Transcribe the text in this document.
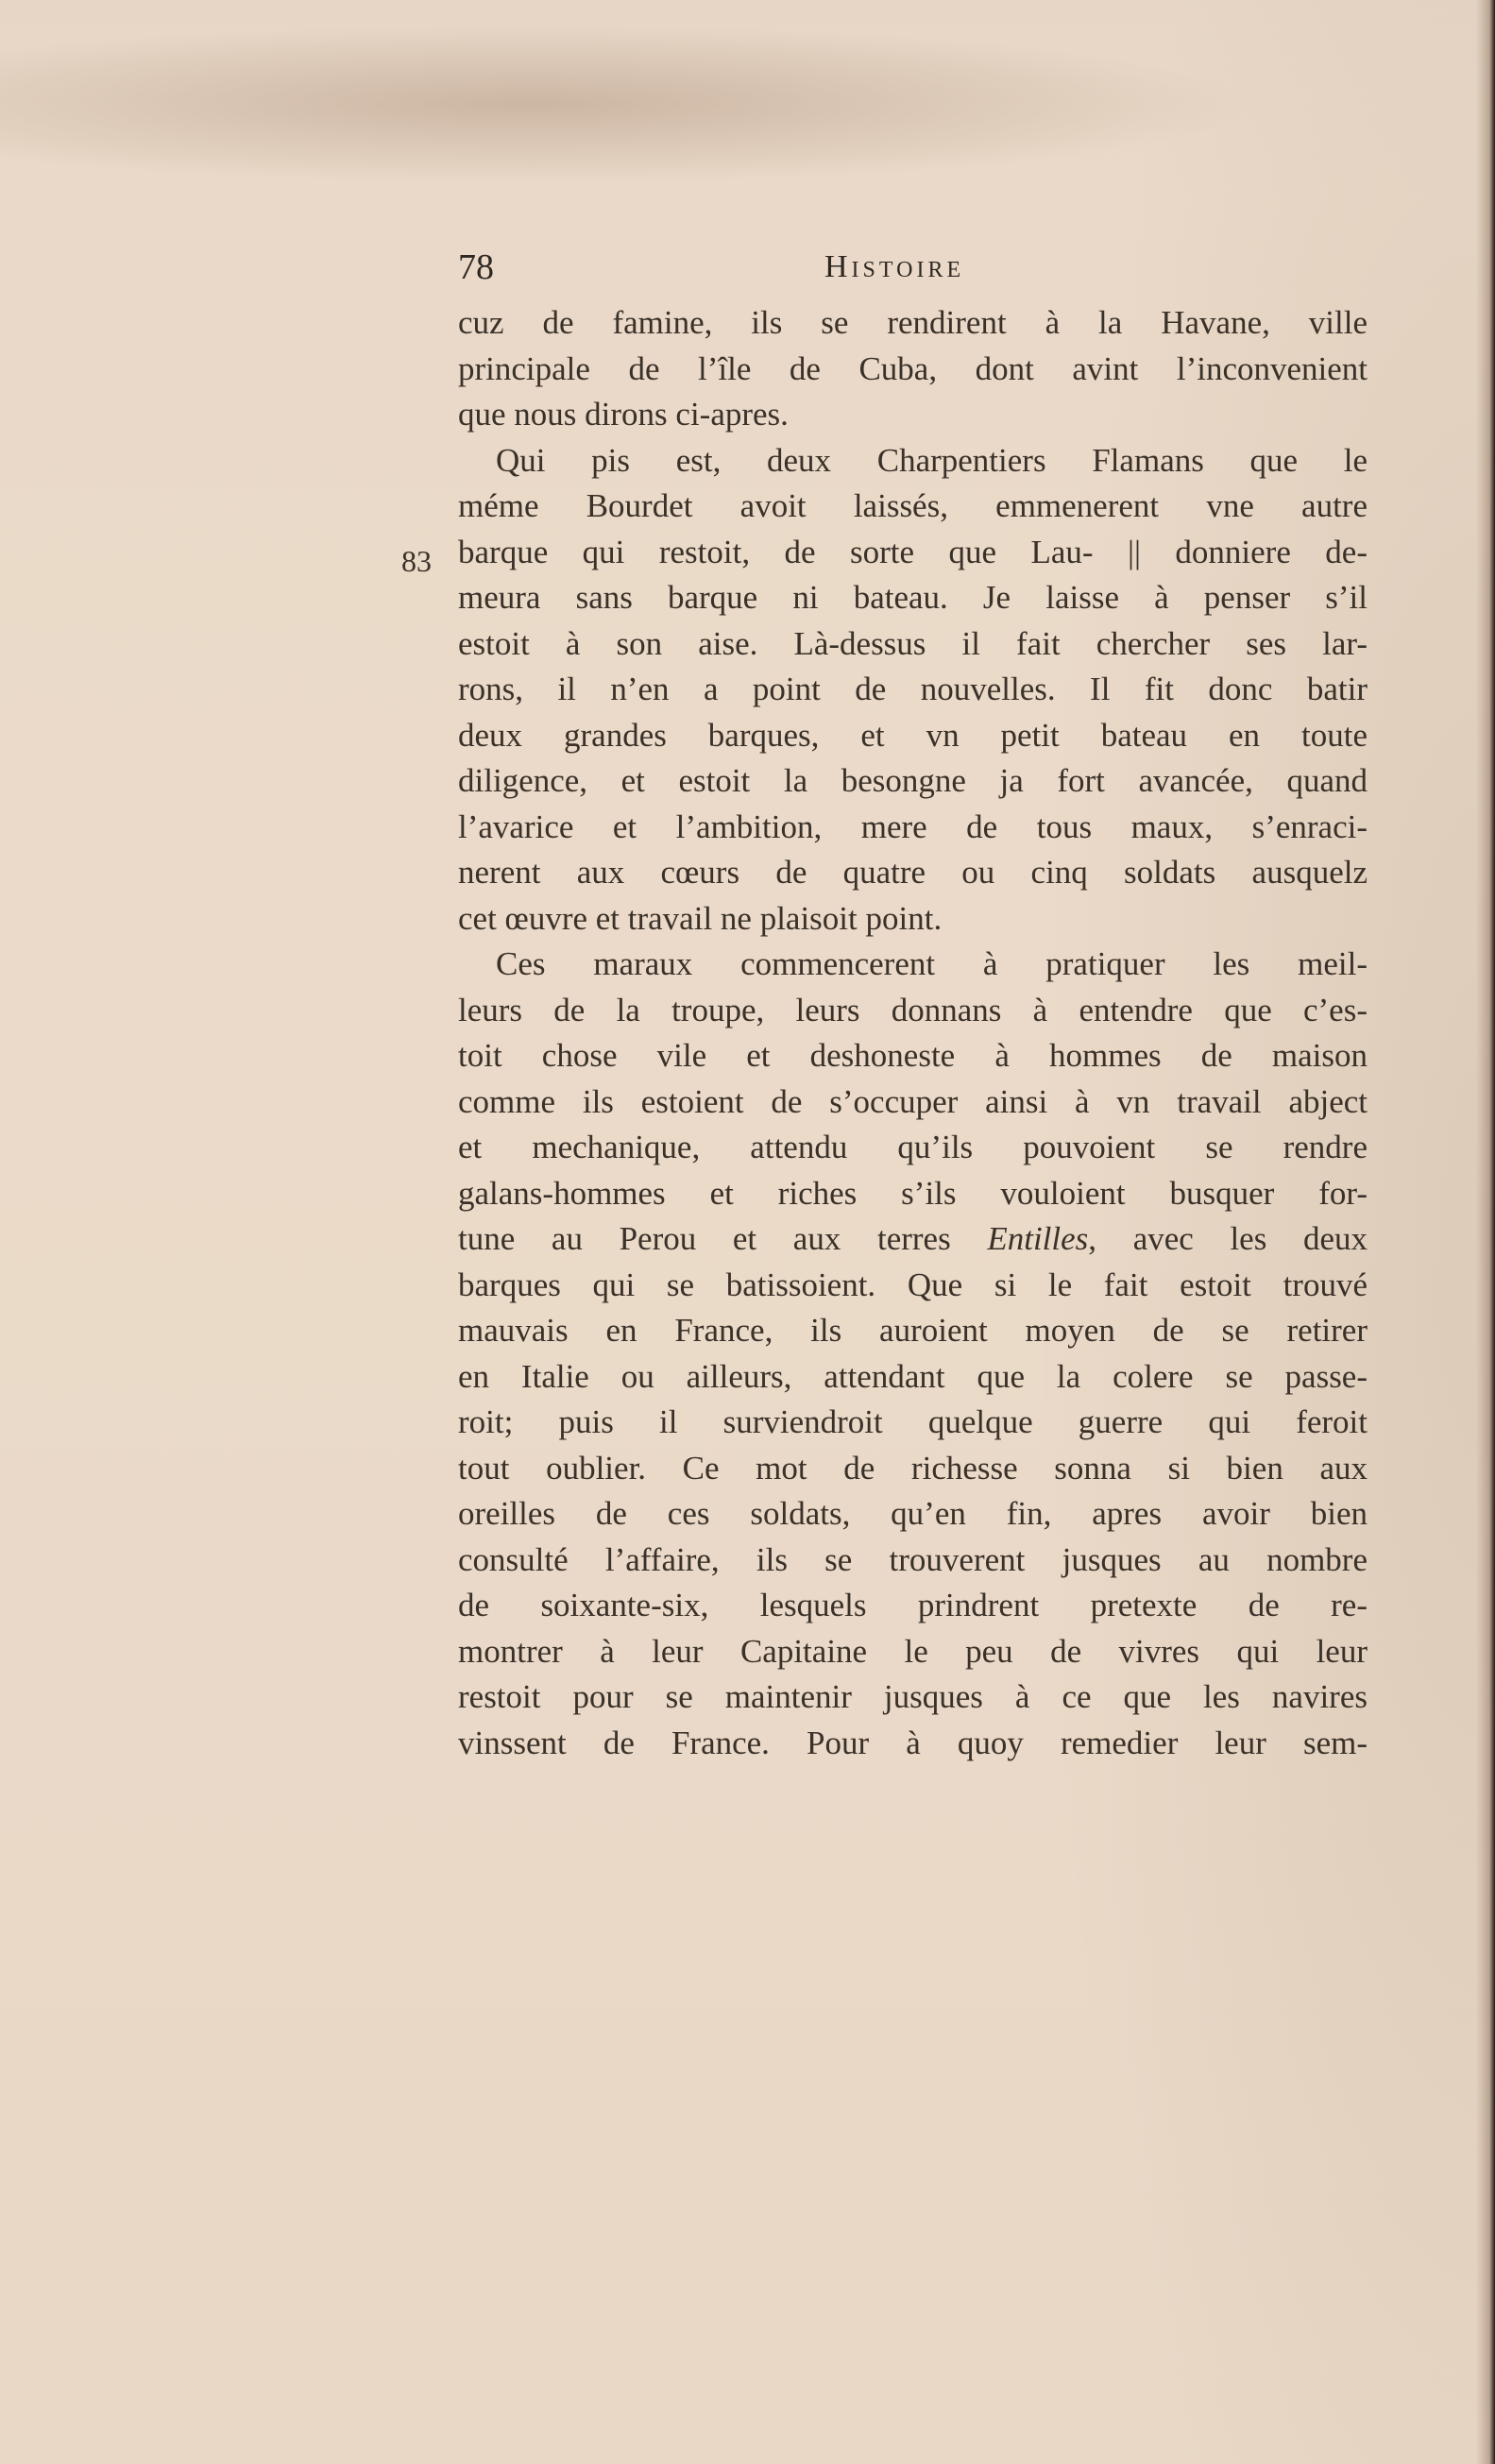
78	Histoire
83
cuz de famine, ils se rendirent à la Havane, ville
principale de l’île de Cuba, dont avint l’inconvenient
que nous dirons ci-apres.
Qui pis est, deux Charpentiers Flamans que le
méme Bourdet avoit laissés, emmenerent vne autre
barque qui restoit, de sorte que Lau- || donniere de-
meura sans barque ni bateau. Je laisse à penser s’il
estoit à son aise. Là-dessus il fait chercher ses lar-
rons, il n’en a point de nouvelles. Il fit donc batir
deux grandes barques, et vn petit bateau en toute
diligence, et estoit la besongne ja fort avancée, quand
l’avarice et l’ambition, mere de tous maux, s’enraci-
nerent aux cœurs de quatre ou cinq soldats ausquelz
cet œuvre et travail ne plaisoit point.
Ces maraux commencerent à pratiquer les meil-
leurs de la troupe, leurs donnans à entendre que c’es-
toit chose vile et deshoneste à hommes de maison
comme ils estoient de s’occuper ainsi à vn travail abject
et mechanique, attendu qu’ils pouvoient se rendre
galans-hommes et riches s’ils vouloient busquer for-
tune au Perou et aux terres Entilles, avec les deux
barques qui se batissoient. Que si le fait estoit trouvé
mauvais en France, ils auroient moyen de se retirer
en Italie ou ailleurs, attendant que la colere se passe-
roit; puis il surviendroit quelque guerre qui feroit
tout oublier. Ce mot de richesse sonna si bien aux
oreilles de ces soldats, qu’en fin, apres avoir bien
consulté l’affaire, ils se trouverent jusques au nombre
de soixante-six, lesquels prindrent pretexte de re-
montrer à leur Capitaine le peu de vivres qui leur
restoit pour se maintenir jusques à ce que les navires
vinssent de France. Pour à quoy remedier leur sem-
